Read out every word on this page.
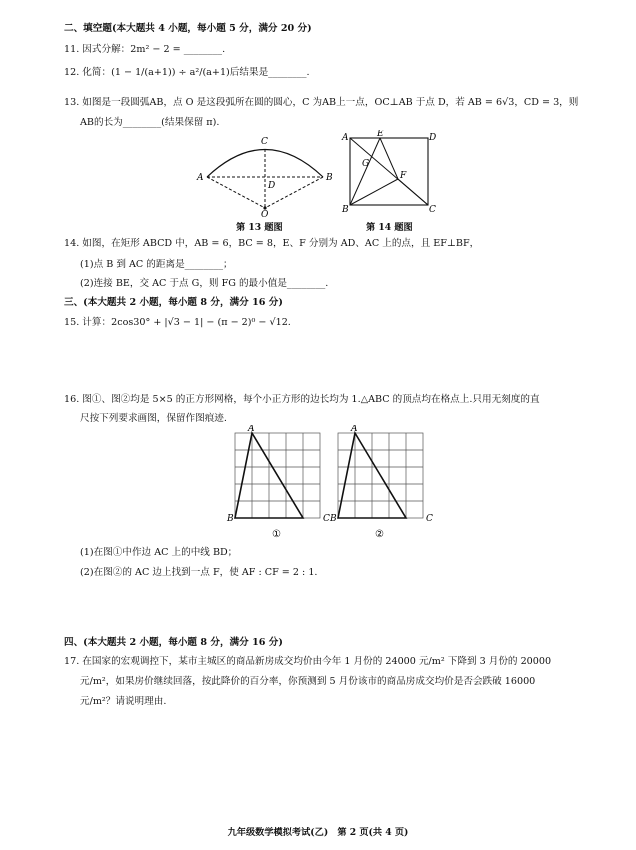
二、填空题(本大题共 4 小题，每小题 5 分，满分 20 分)
11. 因式分解：2m² − 2 = ________.
12. 化简：(1 − 1/(a+1)) ÷ a²/(a+1)后结果是________.
13. 如图是一段圆弧AB，点 O 是这段弧所在圆的圆心，C 为AB上一点，OC⊥AB 于点 D，若 AB = 6√3，CD = 3，则
AB的长为________(结果保留 π).
C
A	B
D
O
第 13 题图
A	E	D
G
F
B	C
第 14 题图
14. 如图，在矩形 ABCD 中，AB = 6，BC = 8，E、F 分别为 AD、AC 上的点，且 EF⊥BF，
(1)点 B 到 AC 的距离是________；
(2)连接 BE，交 AC 于点 G，则 FG 的最小值是________.
三、(本大题共 2 小题，每小题 8 分，满分 16 分)
15. 计算：2cos30° + |√3 − 1| − (π − 2)⁰ − √12.
16. 图①、图②均是 5×5 的正方形网格，每个小正方形的边长均为 1.△ABC 的顶点均在格点上.只用无刻度的直
尺按下列要求画图，保留作图痕迹.
A
B	C
①
A
B	C
②
(1)在图①中作边 AC 上的中线 BD；
(2)在图②的 AC 边上找到一点 F，使 AF : CF = 2 : 1.
四、(本大题共 2 小题，每小题 8 分，满分 16 分)
17. 在国家的宏观调控下，某市主城区的商品新房成交均价由今年 1 月份的 24000 元/m² 下降到 3 月份的 20000
元/m²，如果房价继续回落，按此降价的百分率，你预测到 5 月份该市的商品房成交均价是否会跌破 16000
元/m²？请说明理由.
九年级数学模拟考试(乙)　第 2 页(共 4 页)
